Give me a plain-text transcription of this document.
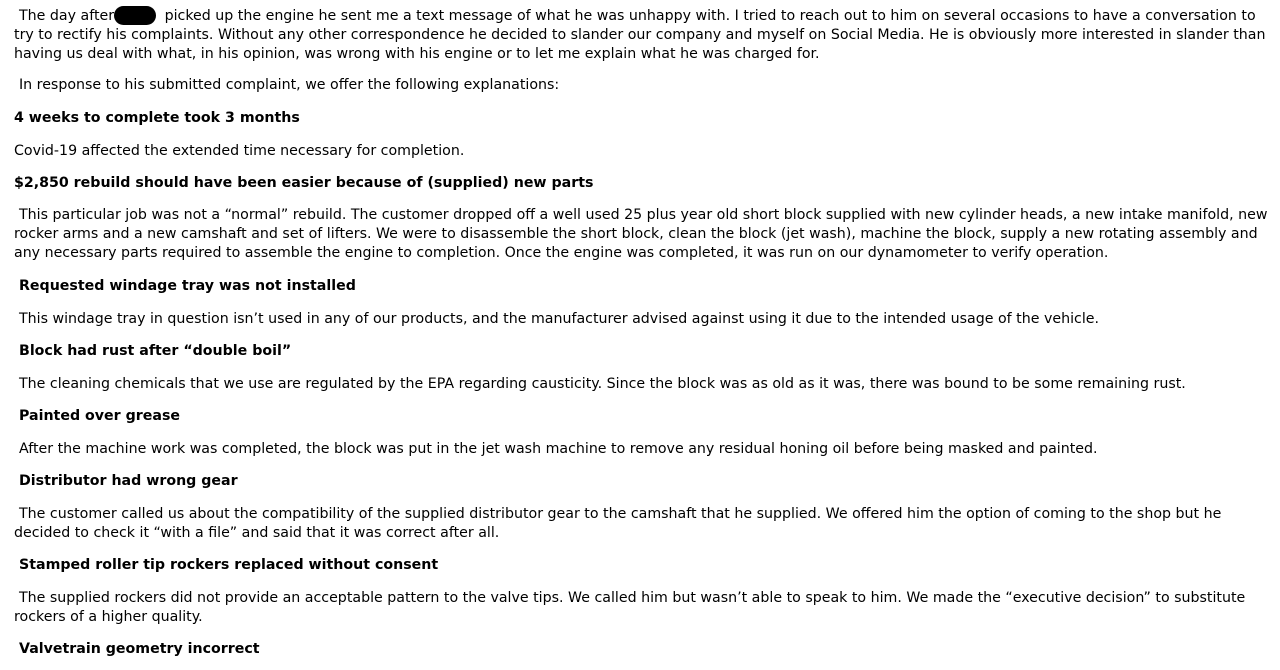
The day after	picked up the engine he sent me a text message of what he was unhappy with. I tried to reach out to him on several occasions to have a conversation to try to rectify his complaints. Without any other correspondence he decided to slander our company and myself on Social Media. He is obviously more interested in slander than having us deal with what, in his opinion, was wrong with his engine or to let me explain what he was charged for.

In response to his submitted complaint, we offer the following explanations:

4 weeks to complete took 3 months

Covid-19 affected the extended time necessary for completion.

$2,850 rebuild should have been easier because of (supplied) new parts

This particular job was not a “normal” rebuild. The customer dropped off a well used 25 plus year old short block supplied with new cylinder heads, a new intake manifold, new rocker arms and a new camshaft and set of lifters. We were to disassemble the short block, clean the block (jet wash), machine the block, supply a new rotating assembly and any necessary parts required to assemble the engine to completion. Once the engine was completed, it was run on our dynamometer to verify operation.

Requested windage tray was not installed

This windage tray in question isn’t used in any of our products, and the manufacturer advised against using it due to the intended usage of the vehicle.

Block had rust after “double boil”

The cleaning chemicals that we use are regulated by the EPA regarding causticity. Since the block was as old as it was, there was bound to be some remaining rust.

Painted over grease

After the machine work was completed, the block was put in the jet wash machine to remove any residual honing oil before being masked and painted.

Distributor had wrong gear

The customer called us about the compatibility of the supplied distributor gear to the camshaft that he supplied. We offered him the option of coming to the shop but he decided to check it “with a file” and said that it was correct after all.

Stamped roller tip rockers replaced without consent

The supplied rockers did not provide an acceptable pattern to the valve tips. We called him but wasn’t able to speak to him. We made the “executive decision” to substitute rockers of a higher quality.

Valvetrain geometry incorrect
